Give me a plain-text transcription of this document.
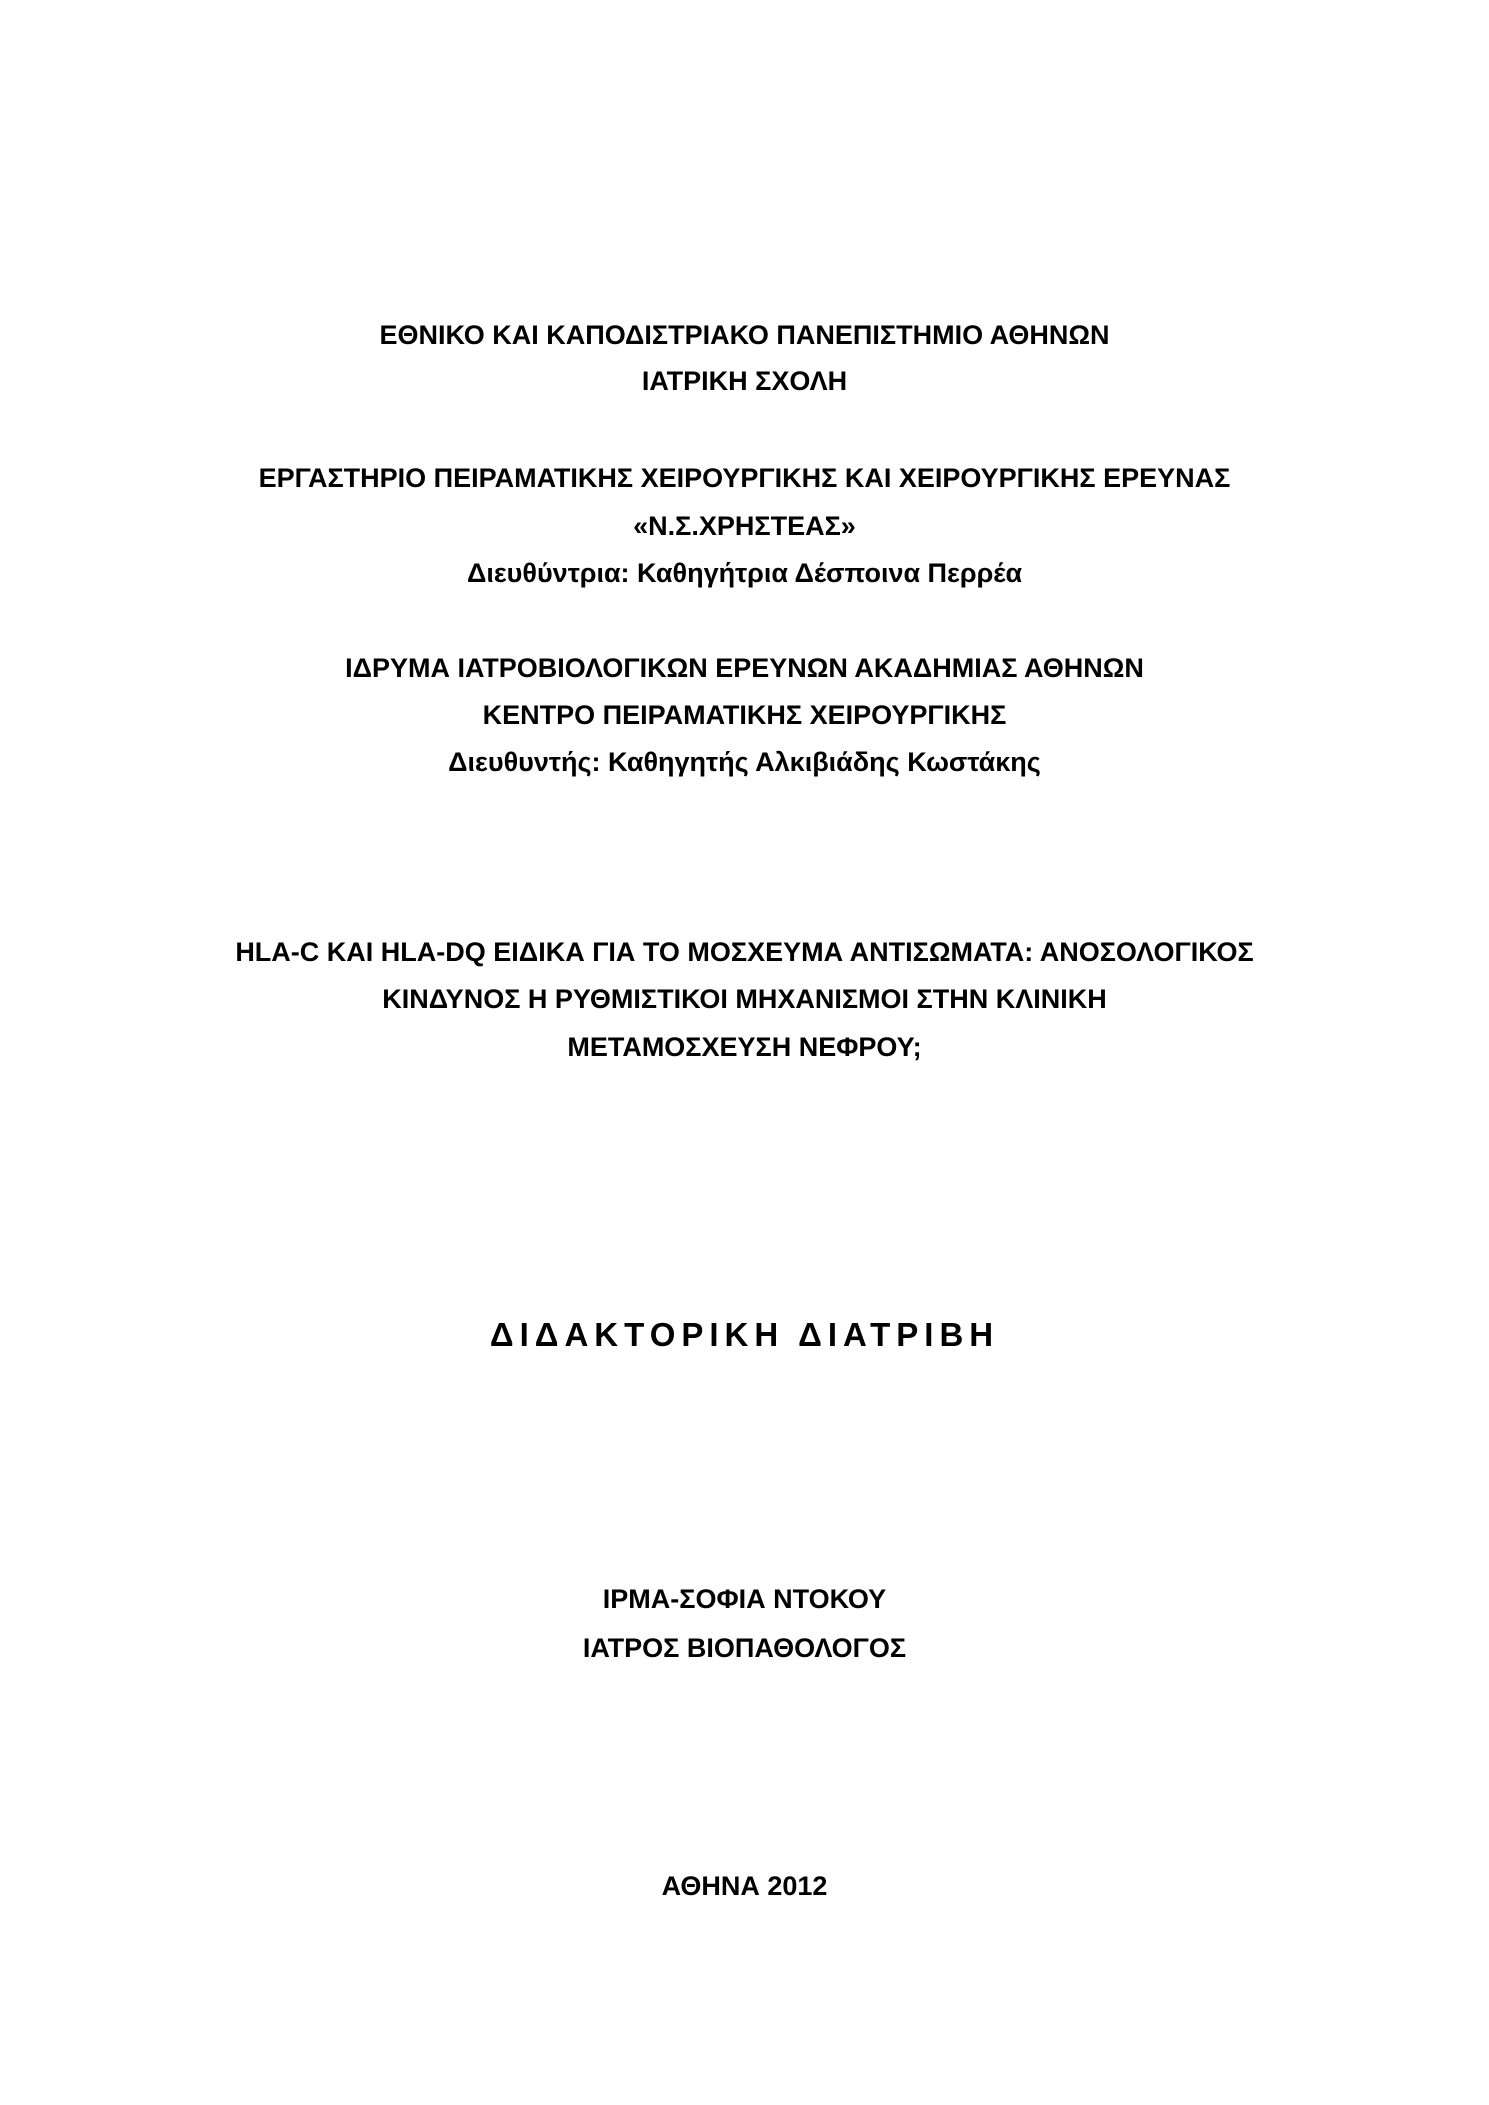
ΕΘΝΙΚΟ ΚΑΙ ΚΑΠΟΔΙΣΤΡΙΑΚΟ ΠΑΝΕΠΙΣΤΗΜΙΟ ΑΘΗΝΩΝ
ΙΑΤΡΙΚΗ ΣΧΟΛΗ
ΕΡΓΑΣΤΗΡΙΟ ΠΕΙΡΑΜΑΤΙΚΗΣ ΧΕΙΡΟΥΡΓΙΚΗΣ ΚΑΙ ΧΕΙΡΟΥΡΓΙΚΗΣ ΕΡΕΥΝΑΣ
«Ν.Σ.ΧΡΗΣΤΕΑΣ»
Διευθύντρια: Καθηγήτρια Δέσποινα Περρέα
ΙΔΡΥΜΑ ΙΑΤΡΟΒΙΟΛΟΓΙΚΩΝ ΕΡΕΥΝΩΝ ΑΚΑΔΗΜΙΑΣ ΑΘΗΝΩΝ
ΚΕΝΤΡΟ ΠΕΙΡΑΜΑΤΙΚΗΣ ΧΕΙΡΟΥΡΓΙΚΗΣ
Διευθυντής: Καθηγητής Αλκιβιάδης Κωστάκης
HLA-C ΚΑΙ HLA-DQ ΕΙΔΙΚΑ ΓΙΑ ΤΟ ΜΟΣΧΕΥΜΑ ΑΝΤΙΣΩΜΑΤΑ: ΑΝΟΣΟΛΟΓΙΚΟΣ
ΚΙΝΔΥΝΟΣ Η ΡΥΘΜΙΣΤΙΚΟΙ ΜΗΧΑΝΙΣΜΟΙ ΣΤΗΝ ΚΛΙΝΙΚΗ
ΜΕΤΑΜΟΣΧΕΥΣΗ ΝΕΦΡΟΥ;
ΔΙΔΑΚΤΟΡΙΚΗ ΔΙΑΤΡΙΒΗ
ΙΡΜΑ-ΣΟΦΙΑ ΝΤΟΚΟΥ
ΙΑΤΡΟΣ ΒΙΟΠΑΘΟΛΟΓΟΣ
ΑΘΗΝΑ 2012
